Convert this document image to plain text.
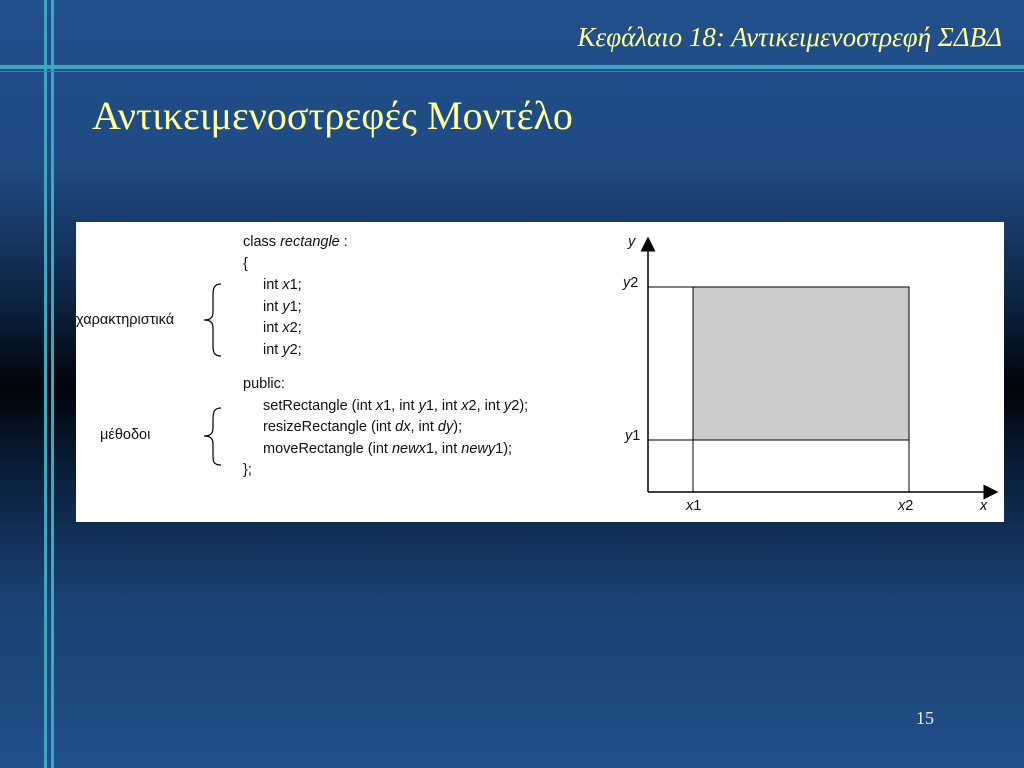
Κεφάλαιο 18: Αντικειμενοστρεφή ΣΔΒΔ
Αντικειμενοστρεφές Μοντέλο
class rectangle :
{
int x1;
int y1;
int x2;
int y2;
public:
setRectangle (int x1, int y1, int x2, int y2);
resizeRectangle (int dx, int dy);
moveRectangle (int newx1, int newy1);
};
χαρακτηριστικά
μέθοδοι
y
x
y2
y1
x1	x2
15
